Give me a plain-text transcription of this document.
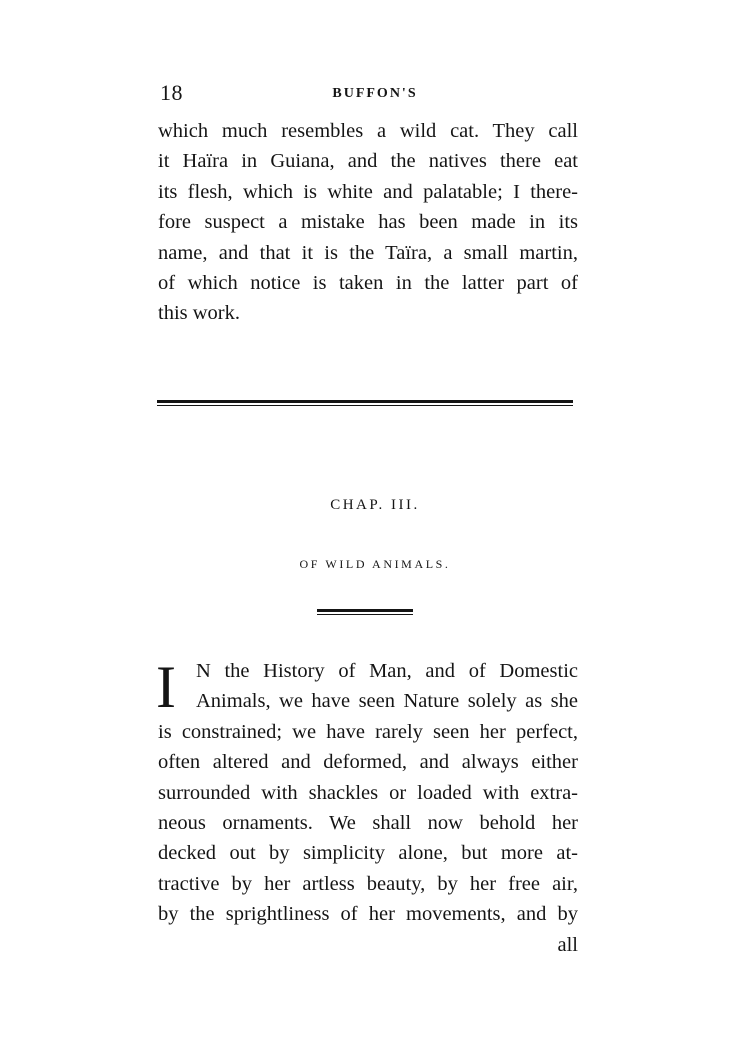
18	BUFFON'S
which much resembles a wild cat. They call
it Haïra in Guiana, and the natives there eat
its flesh, which is white and palatable; I there-
fore suspect a mistake has been made in its
name, and that it is the Taïra, a small martin,
of which notice is taken in the latter part of
this work.
CHAP. III.
OF WILD ANIMALS.
I N the History of Man, and of Domestic
Animals, we have seen Nature solely as she
is constrained; we have rarely seen her perfect,
often altered and deformed, and always either
surrounded with shackles or loaded with extra-
neous ornaments. We shall now behold her
decked out by simplicity alone, but more at-
tractive by her artless beauty, by her free air,
by the sprightliness of her movements, and by
all
